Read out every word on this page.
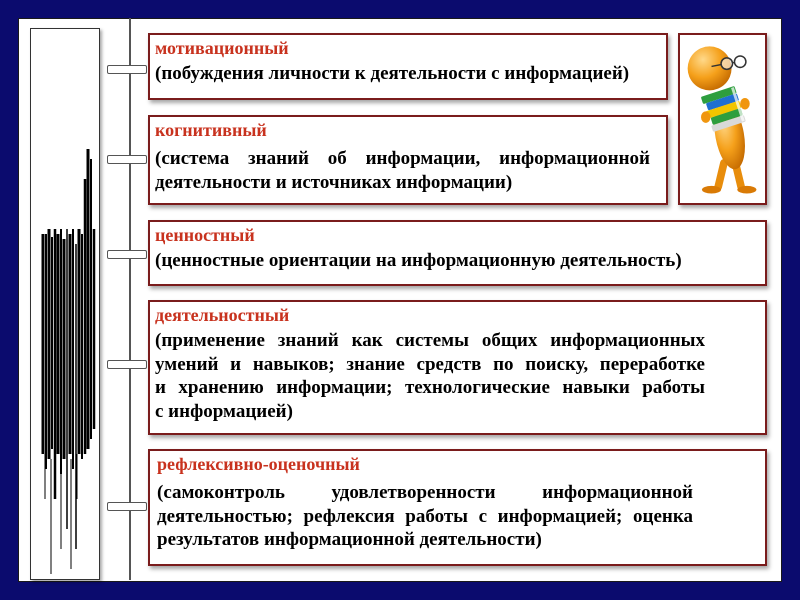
мотивационный
(побуждения личности к деятельности с информацией)
когнитивный
(система знаний об информации, информационной
деятельности и источниках информации)
ценностный
(ценностные ориентации на информационную деятельность)
деятельностный
(применение знаний как системы общих информационных
умений и навыков; знание средств по поиску, переработке
и хранению информации; технологические навыки работы
с информацией)
рефлексивно-оценочный
(самоконтроль удовлетворенности информационной
деятельностью; рефлексия работы с информацией; оценка
результатов информационной деятельности)
